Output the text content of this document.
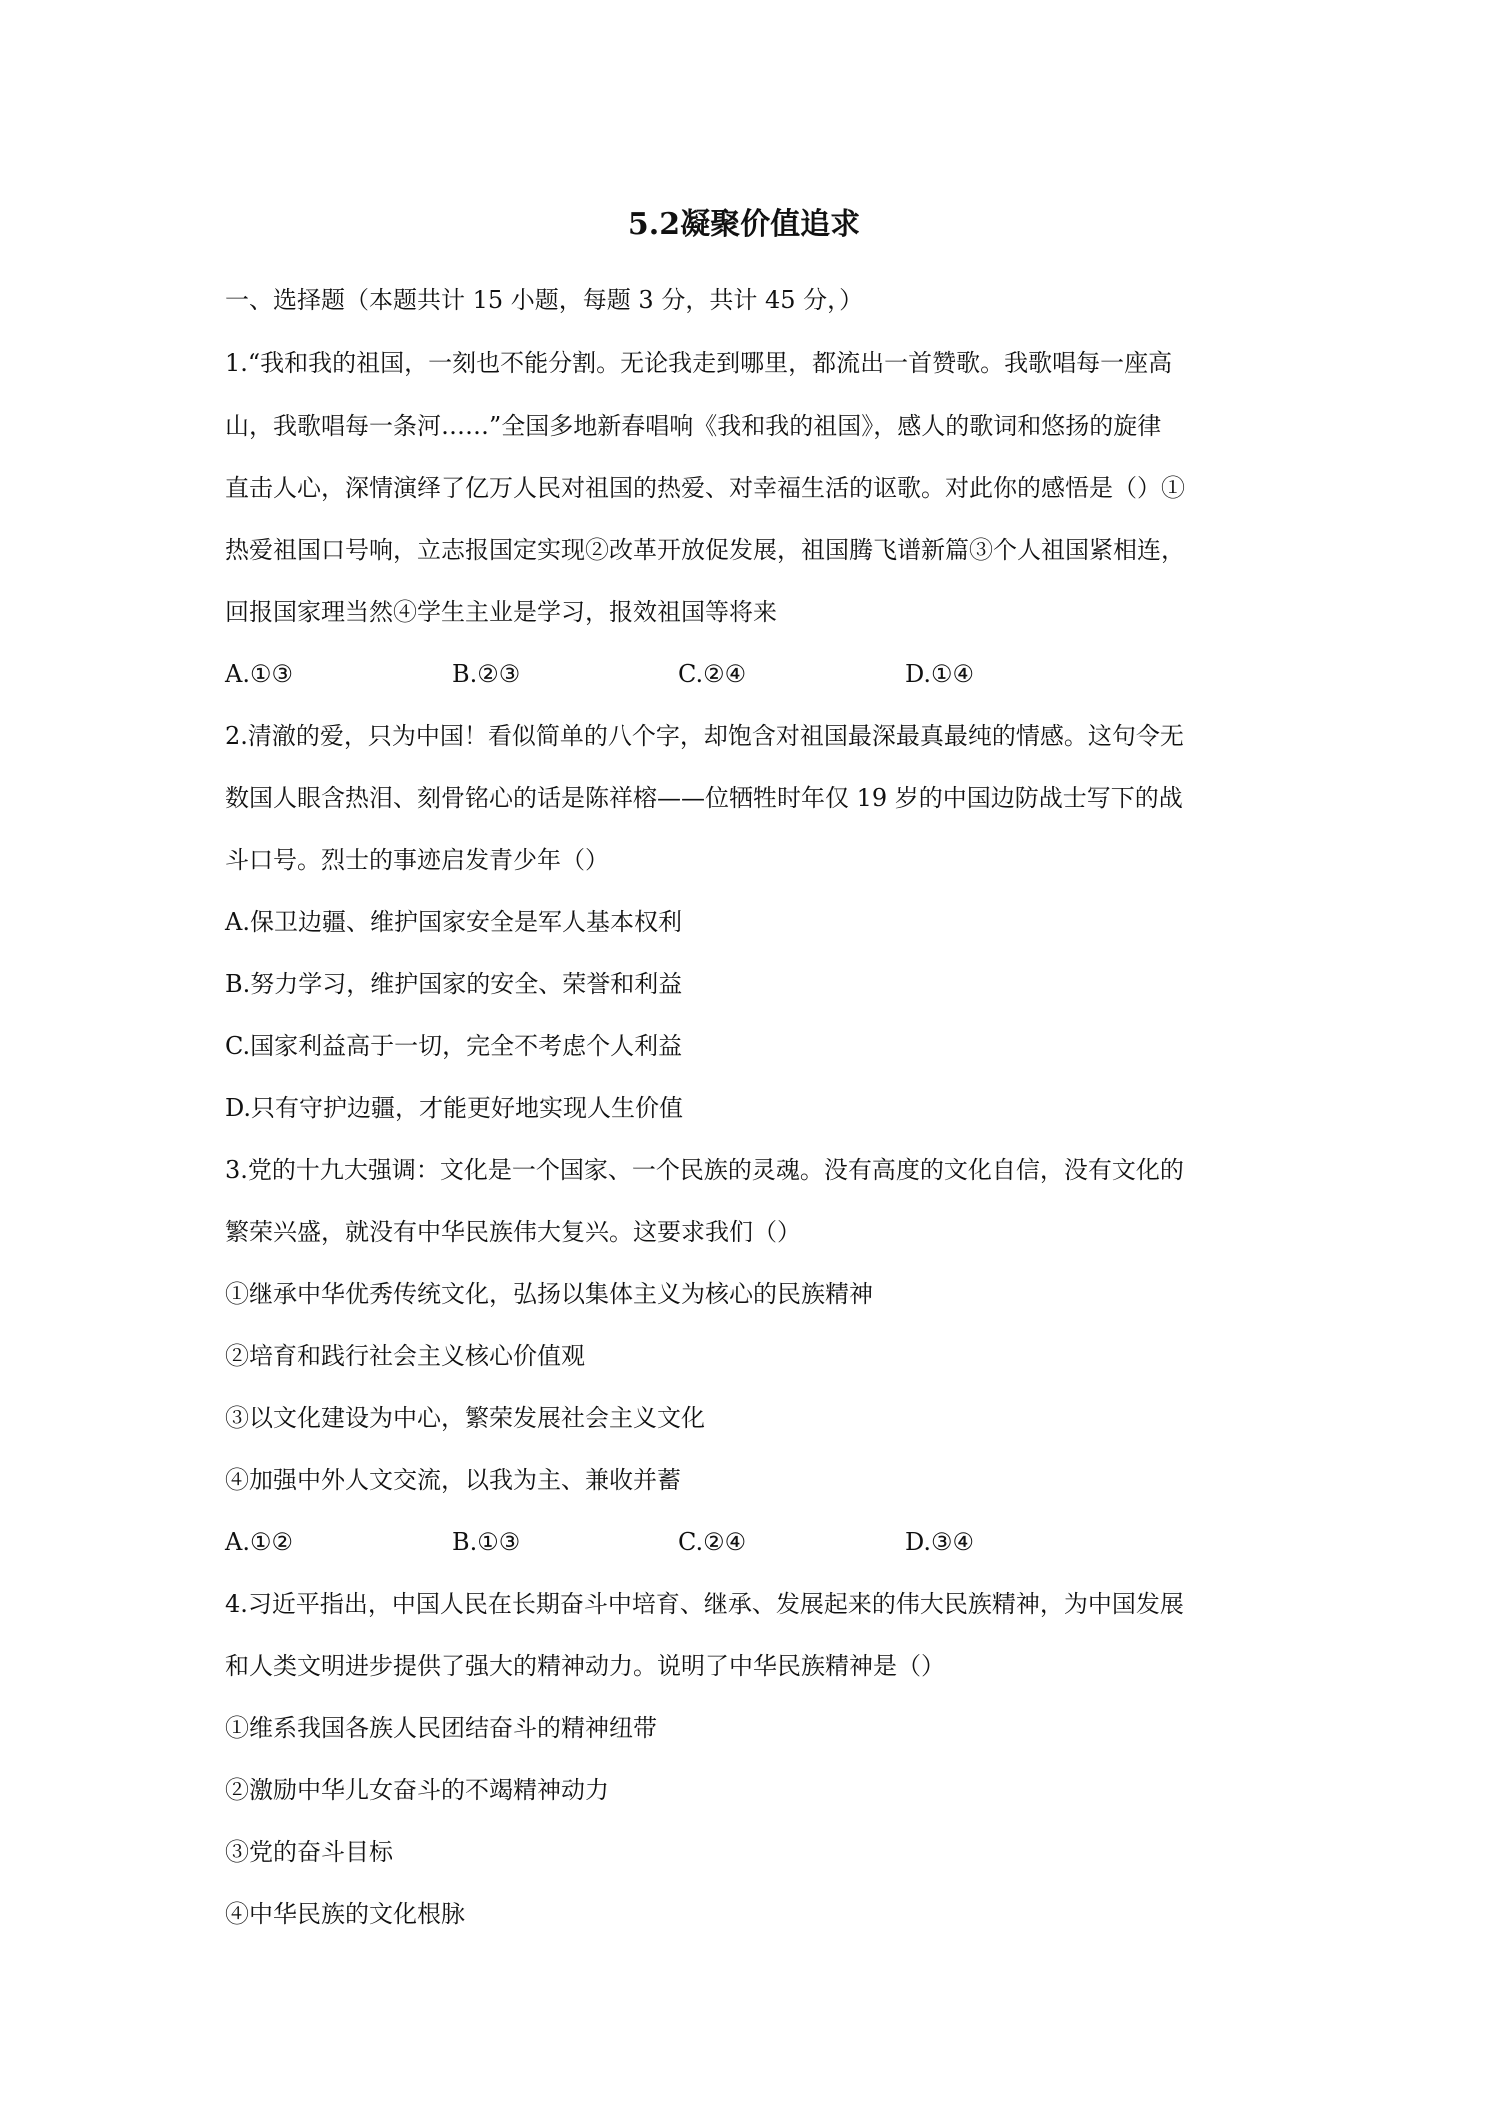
5.2凝聚价值追求
一、选择题（本题共计 15 小题，每题 3 分，共计 45 分，）
1.“我和我的祖国，一刻也不能分割。无论我走到哪里，都流出一首赞歌。我歌唱每一座高
山，我歌唱每一条河……”全国多地新春唱响《我和我的祖国》，感人的歌词和悠扬的旋律
直击人心，深情演绎了亿万人民对祖国的热爱、对幸福生活的讴歌。对此你的感悟是（）①
热爱祖国口号响，立志报国定实现②改革开放促发展，祖国腾飞谱新篇③个人祖国紧相连，
回报国家理当然④学生主业是学习，报效祖国等将来
A.①③	B.②③	C.②④	D.①④
2.清澈的爱，只为中国！看似简单的八个字，却饱含对祖国最深最真最纯的情感。这句令无
数国人眼含热泪、刻骨铭心的话是陈祥榕——位牺牲时年仅 19 岁的中国边防战士写下的战
斗口号。烈士的事迹启发青少年（）
A.保卫边疆、维护国家安全是军人基本权利
B.努力学习，维护国家的安全、荣誉和利益
C.国家利益高于一切，完全不考虑个人利益
D.只有守护边疆，才能更好地实现人生价值
3.党的十九大强调：文化是一个国家、一个民族的灵魂。没有高度的文化自信，没有文化的
繁荣兴盛，就没有中华民族伟大复兴。这要求我们（）
①继承中华优秀传统文化，弘扬以集体主义为核心的民族精神
②培育和践行社会主义核心价值观
③以文化建设为中心，繁荣发展社会主义文化
④加强中外人文交流，以我为主、兼收并蓄
A.①②	B.①③	C.②④	D.③④
4.习近平指出，中国人民在长期奋斗中培育、继承、发展起来的伟大民族精神，为中国发展
和人类文明进步提供了强大的精神动力。说明了中华民族精神是（）
①维系我国各族人民团结奋斗的精神纽带
②激励中华儿女奋斗的不竭精神动力
③党的奋斗目标
④中华民族的文化根脉
